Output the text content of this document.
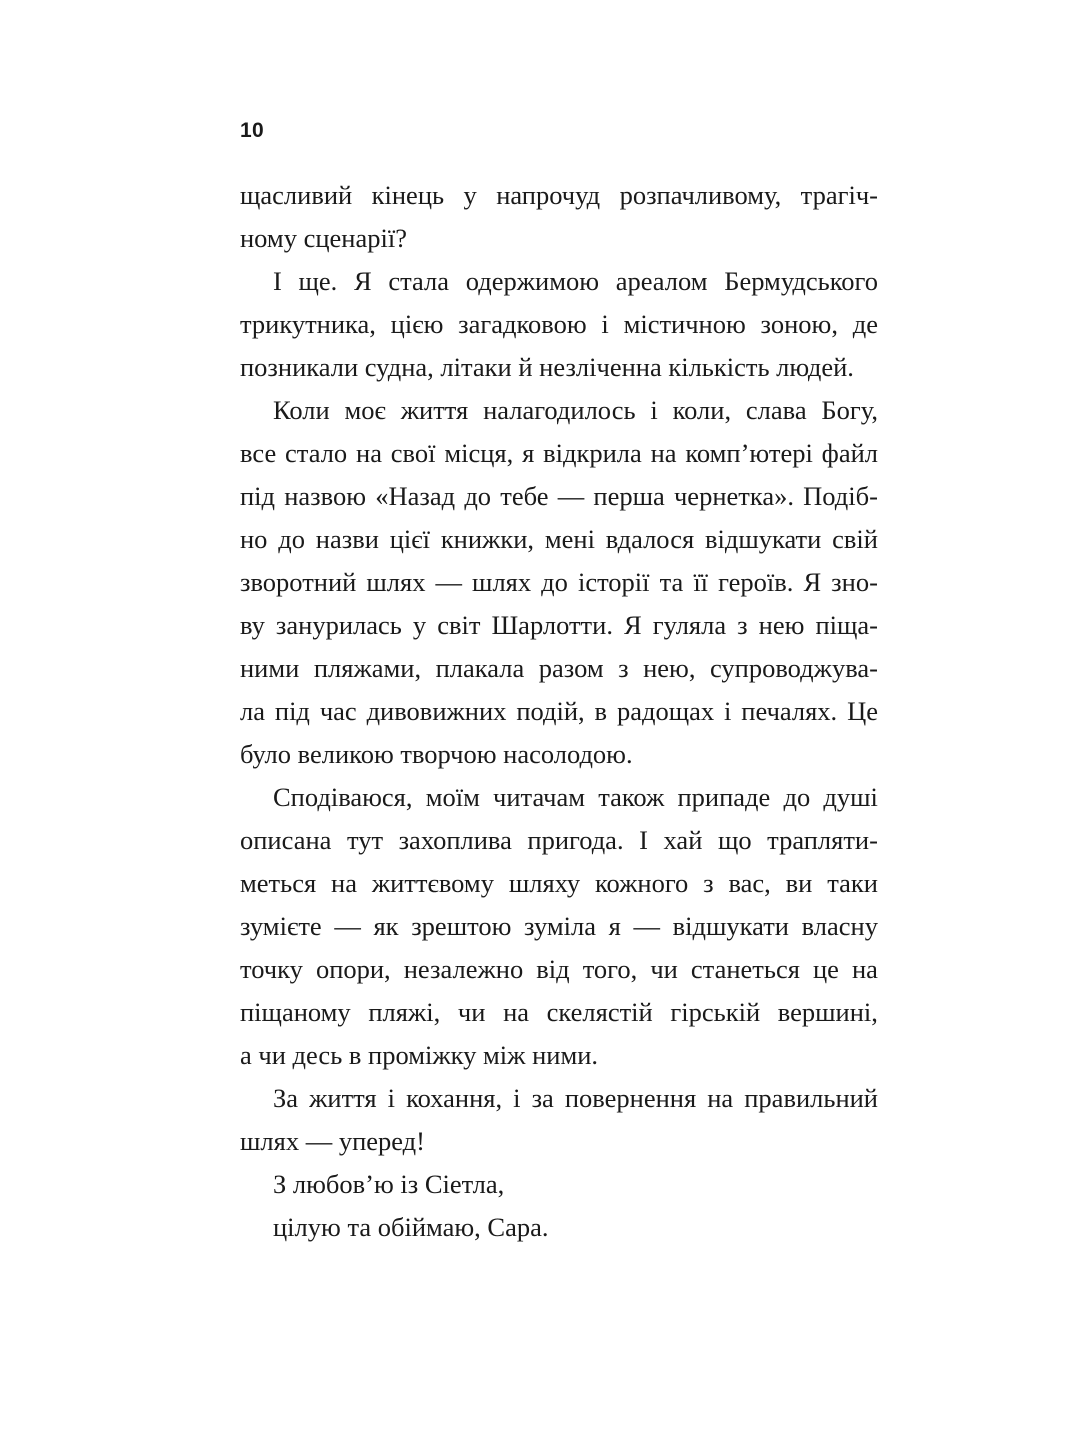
10
щасливий кінець у напрочуд розпачливому, трагіч-
ному сценарії?
І ще. Я стала одержимою ареалом Бермудського
трикутника, цією загадковою і містичною зоною, де
позникали судна, літаки й незліченна кількість людей.
Коли моє життя налагодилось і коли, слава Богу,
все стало на свої місця, я відкрила на комп’ютері файл
під назвою «Назад до тебе — перша чернетка». Подіб-
но до назви цієї книжки, мені вдалося відшукати свій
зворотний шлях — шлях до історії та її героїв. Я зно-
ву занурилась у світ Шарлотти. Я гуляла з нею піща-
ними пляжами, плакала разом з нею, супроводжува-
ла під час дивовижних подій, в радощах і печалях. Це
було великою творчою насолодою.
Сподіваюся, моїм читачам також припаде до душі
описана тут захоплива пригода. І хай що трапляти-
меться на життєвому шляху кожного з вас, ви таки
зумієте — як зрештою зуміла я — відшукати власну
точку опори, незалежно від того, чи станеться це на
піщаному пляжі, чи на скелястій гірській вершині,
а чи десь в проміжку між ними.
За життя і кохання, і за повернення на правильний
шлях — уперед!
З любов’ю із Сіетла,
цілую та обіймаю, Сара.
